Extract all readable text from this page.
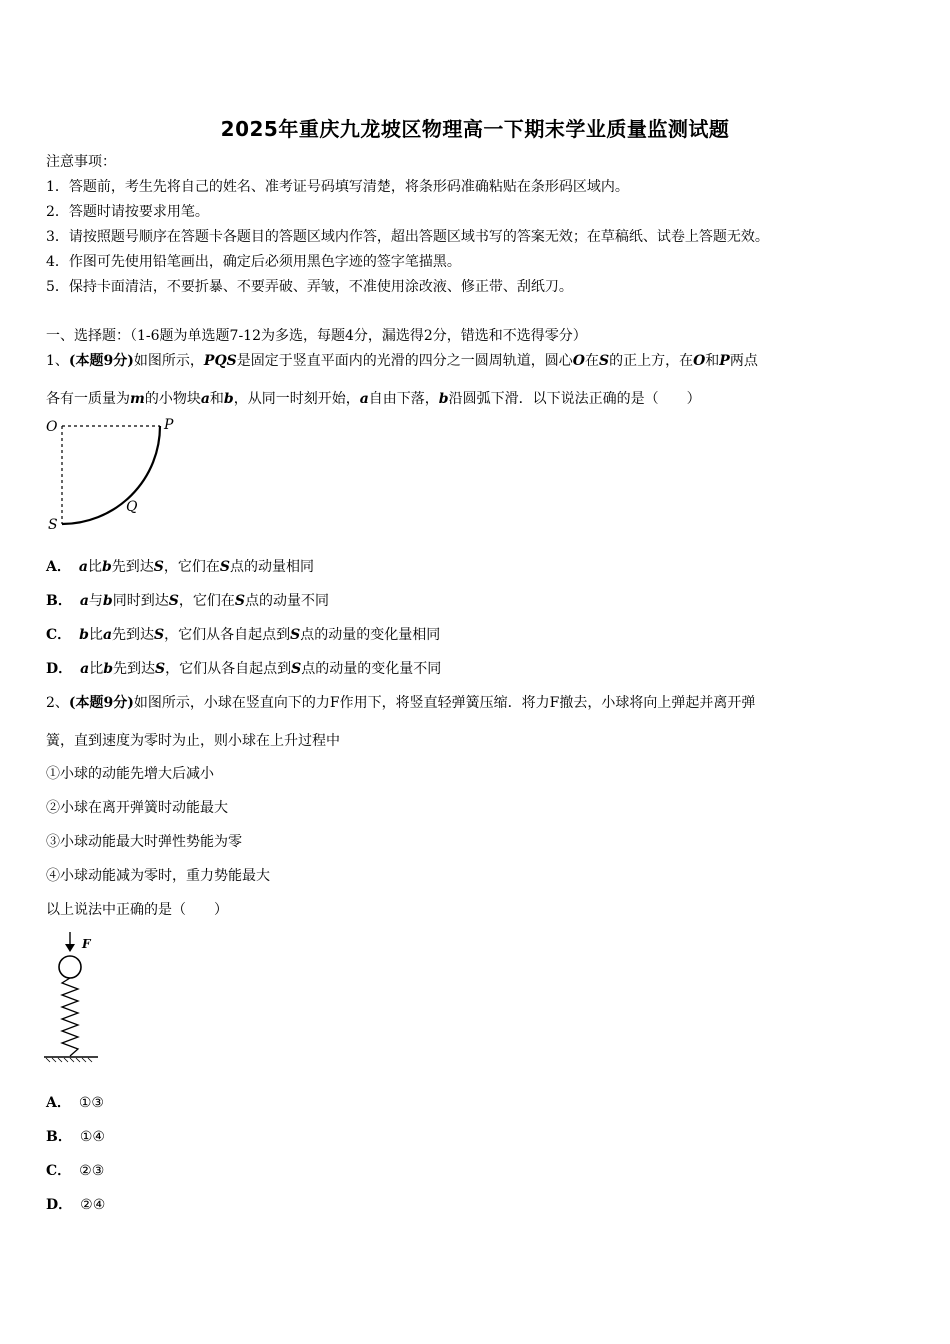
2025年重庆九龙坡区物理高一下期末学业质量监测试题
注意事项：
1．答题前，考生先将自己的姓名、准考证号码填写清楚，将条形码准确粘贴在条形码区域内。
2．答题时请按要求用笔。
3．请按照题号顺序在答题卡各题目的答题区域内作答，超出答题区域书写的答案无效；在草稿纸、试卷上答题无效。
4．作图可先使用铅笔画出，确定后必须用黑色字迹的签字笔描黑。
5．保持卡面清洁，不要折暴、不要弄破、弄皱，不准使用涂改液、修正带、刮纸刀。
一、选择题：（1-6题为单选题7-12为多选，每题4分，漏选得2分，错选和不选得零分）
1、(本题9分)如图所示，PQS是固定于竖直平面内的光滑的四分之一圆周轨道，圆心O在S的正上方，在O和P两点
各有一质量为m的小物块a和b，从同一时刻开始，a自由下落，b沿圆弧下滑．以下说法正确的是（　　）
O	P
Q
S
A． a比b先到达S，它们在S点的动量相同
B． a与b同时到达S，它们在S点的动量不同
C． b比a先到达S，它们从各自起点到S点的动量的变化量相同
D． a比b先到达S，它们从各自起点到S点的动量的变化量不同
2、(本题9分)如图所示，小球在竖直向下的力F作用下，将竖直轻弹簧压缩．将力F撤去，小球将向上弹起并离开弹
簧，直到速度为零时为止，则小球在上升过程中
①小球的动能先增大后减小
②小球在离开弹簧时动能最大
③小球动能最大时弹性势能为零
④小球动能减为零时，重力势能最大
以上说法中正确的是（　　）
F
A． ①③
B． ①④
C． ②③
D． ②④
